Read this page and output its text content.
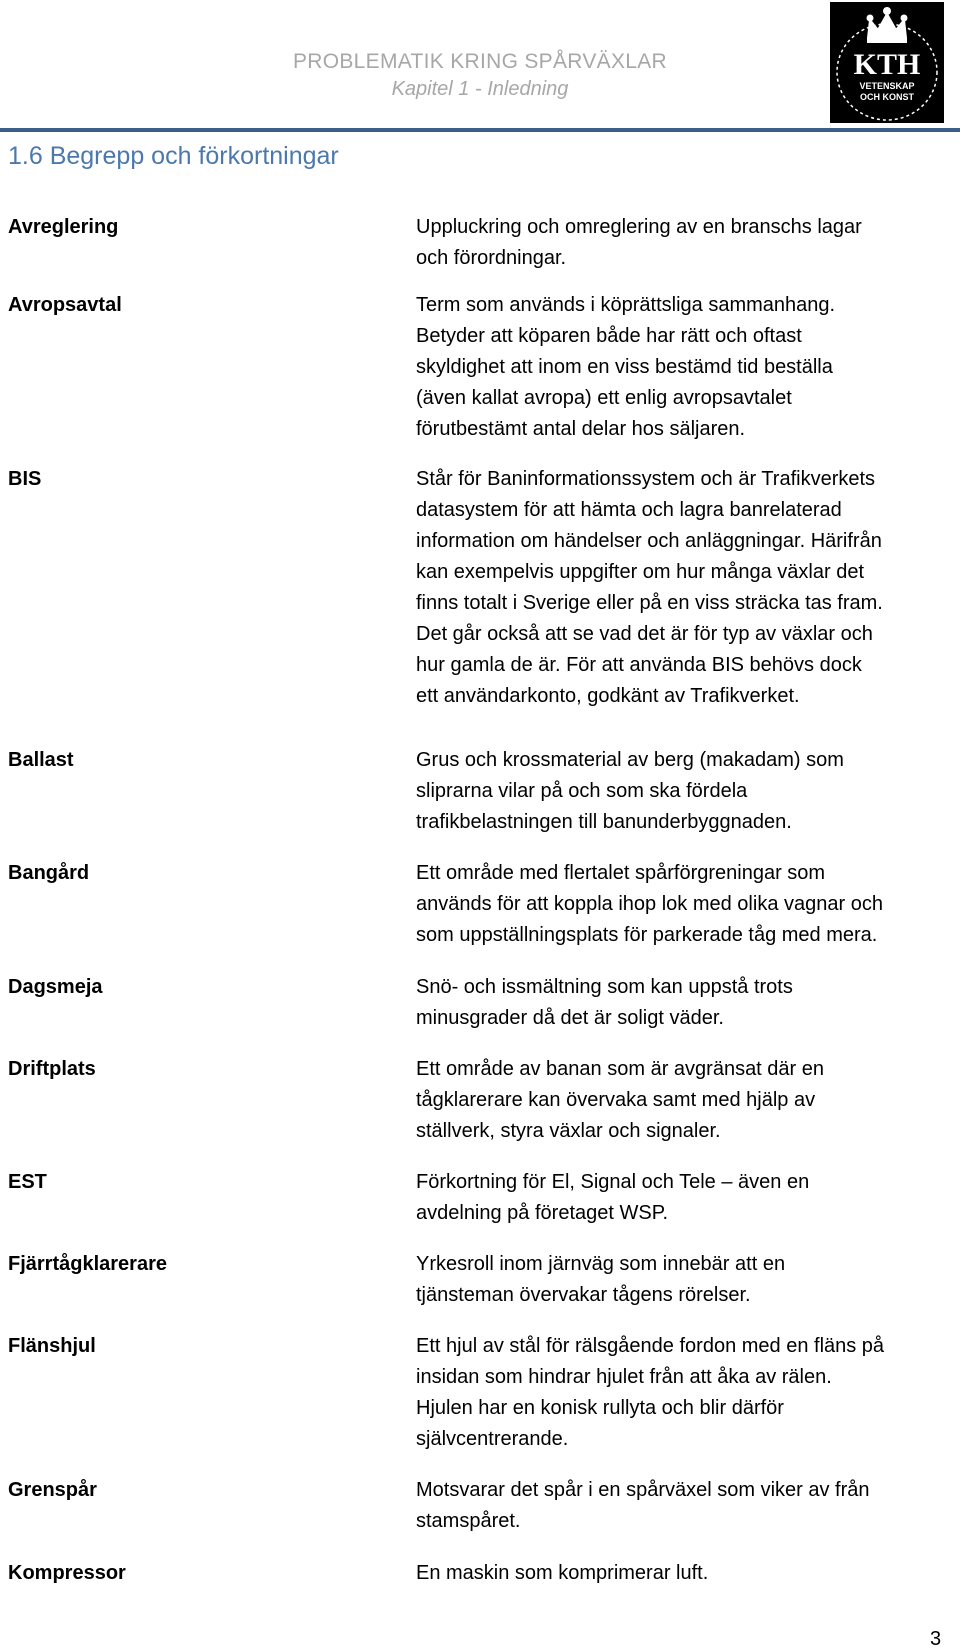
PROBLEMATIK KRING SPÅRVÄXLAR
Kapitel 1 - Inledning
KTH
VETENSKAP
OCH KONST
1.6 Begrepp och förkortningar
Avreglering	Uppluckring och omreglering av en branschs lagar
och förordningar.
Avropsavtal	Term som används i köprättsliga sammanhang.
Betyder att köparen både har rätt och oftast
skyldighet att inom en viss bestämd tid beställa
(även kallat avropa) ett enlig avropsavtalet
förutbestämt antal delar hos säljaren.
BIS	Står för Baninformationssystem och är Trafikverkets
datasystem för att hämta och lagra banrelaterad
information om händelser och anläggningar. Härifrån
kan exempelvis uppgifter om hur många växlar det
finns totalt i Sverige eller på en viss sträcka tas fram.
Det går också att se vad det är för typ av växlar och
hur gamla de är. För att använda BIS behövs dock
ett användarkonto, godkänt av Trafikverket.
Ballast	Grus och krossmaterial av berg (makadam) som
sliprarna vilar på och som ska fördela
trafikbelastningen till banunderbyggnaden.
Bangård	Ett område med flertalet spårförgreningar som
används för att koppla ihop lok med olika vagnar och
som uppställningsplats för parkerade tåg med mera.
Dagsmeja	Snö- och issmältning som kan uppstå trots
minusgrader då det är soligt väder.
Driftplats	Ett område av banan som är avgränsat där en
tågklarerare kan övervaka samt med hjälp av
ställverk, styra växlar och signaler.
EST	Förkortning för El, Signal och Tele – även en
avdelning på företaget WSP.
Fjärrtågklarerare	Yrkesroll inom järnväg som innebär att en
tjänsteman övervakar tågens rörelser.
Flänshjul	Ett hjul av stål för rälsgående fordon med en fläns på
insidan som hindrar hjulet från att åka av rälen.
Hjulen har en konisk rullyta och blir därför
självcentrerande.
Grenspår	Motsvarar det spår i en spårväxel som viker av från
stamspåret.
Kompressor	En maskin som komprimerar luft.
3
